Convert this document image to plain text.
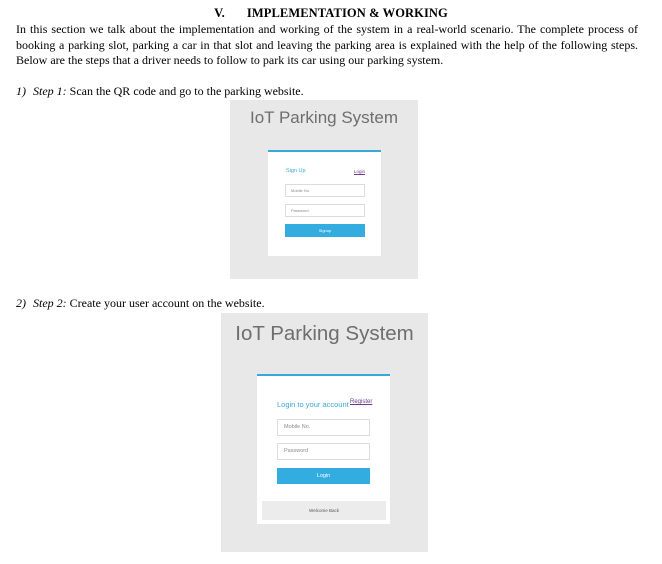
V. IMPLEMENTATION & WORKING
In this section we talk about the implementation and working of the system in a real-world scenario. The complete process of booking a parking slot, parking a car in that slot and leaving the parking area is explained with the help of the following steps. Below are the steps that a driver needs to follow to park its car using our parking system.
1) Step 1: Scan the QR code and go to the parking website.
IoT Parking System
Sign Up	Login
Mobile No.
Password
Signup
2) Step 2: Create your user account on the website.
IoT Parking System
Login to your account Register
Mobile No.
Password
Login
Welcome Back
